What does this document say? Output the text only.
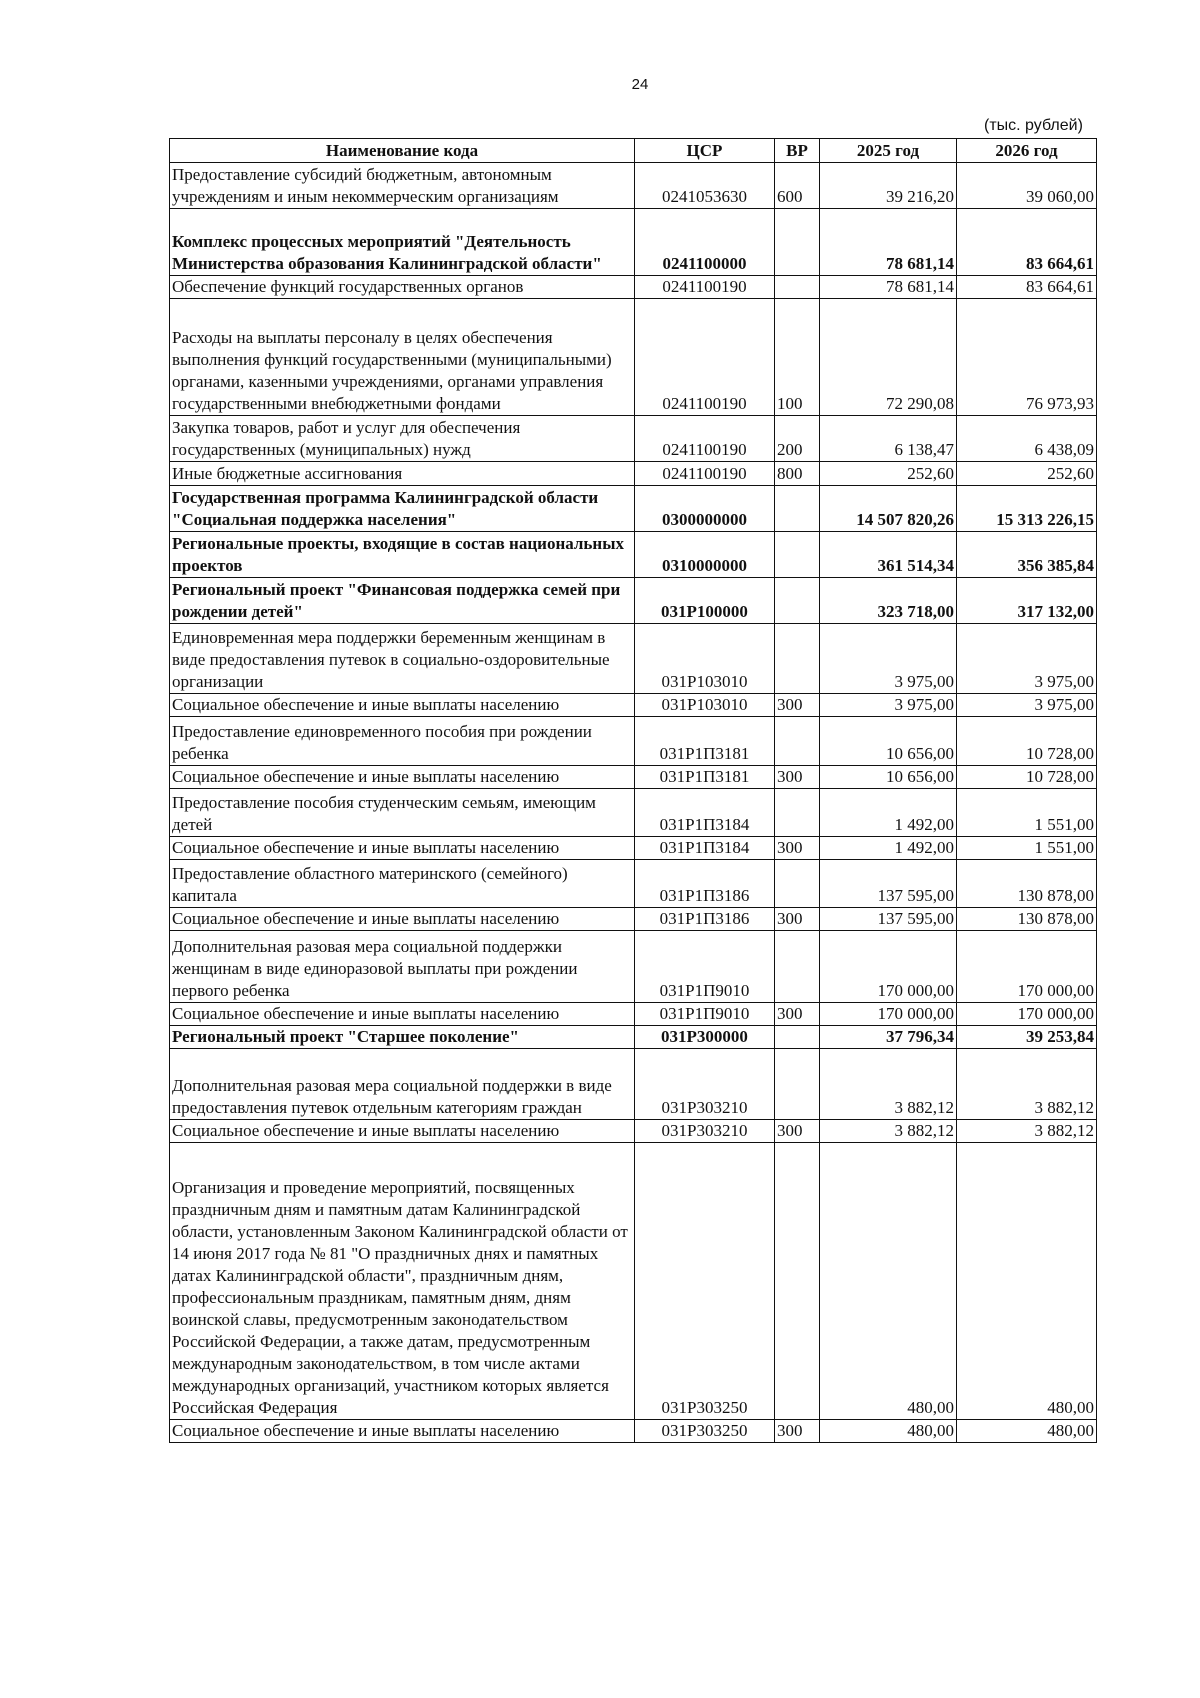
24
(тыс. рублей)
Наименование кода	ЦСР	ВР	2025 год	2026 год
Предоставление субсидий бюджетным, автономным учреждениям и иным некоммерческим организациям	0241053630	600	39 216,20	39 060,00
Комплекс процессных мероприятий "Деятельность Министерства образования Калининградской области"	0241100000		78 681,14	83 664,61
Обеспечение функций государственных органов	0241100190		78 681,14	83 664,61
Расходы на выплаты персоналу в целях обеспечения выполнения функций государственными (муниципальными) органами, казенными учреждениями, органами управления государственными внебюджетными фондами	0241100190	100	72 290,08	76 973,93
Закупка товаров, работ и услуг для обеспечения государственных (муниципальных) нужд	0241100190	200	6 138,47	6 438,09
Иные бюджетные ассигнования	0241100190	800	252,60	252,60
Государственная программа Калининградской области "Социальная поддержка населения"	0300000000		14 507 820,26	15 313 226,15
Региональные проекты, входящие в состав национальных проектов	0310000000		361 514,34	356 385,84
Региональный проект "Финансовая поддержка семей при рождении детей"	031P100000		323 718,00	317 132,00
Единовременная мера поддержки беременным женщинам в виде предоставления путевок в социально-оздоровительные организации	031P103010		3 975,00	3 975,00
Социальное обеспечение и иные выплаты населению	031P103010	300	3 975,00	3 975,00
Предоставление единовременного пособия при рождении ребенка	031P1П3181		10 656,00	10 728,00
Социальное обеспечение и иные выплаты населению	031P1П3181	300	10 656,00	10 728,00
Предоставление пособия студенческим семьям, имеющим детей	031P1П3184		1 492,00	1 551,00
Социальное обеспечение и иные выплаты населению	031P1П3184	300	1 492,00	1 551,00
Предоставление областного материнского (семейного) капитала	031P1П3186		137 595,00	130 878,00
Социальное обеспечение и иные выплаты населению	031P1П3186	300	137 595,00	130 878,00
Дополнительная разовая мера социальной поддержки женщинам в виде единоразовой выплаты при рождении первого ребенка	031P1П9010		170 000,00	170 000,00
Социальное обеспечение и иные выплаты населению	031P1П9010	300	170 000,00	170 000,00
Региональный проект "Старшее поколение"	031P300000		37 796,34	39 253,84
Дополнительная разовая мера социальной поддержки в виде предоставления путевок отдельным категориям граждан	031P303210		3 882,12	3 882,12
Социальное обеспечение и иные выплаты населению	031P303210	300	3 882,12	3 882,12
Организация и проведение мероприятий, посвященных праздничным дням и памятным датам Калининградской области, установленным Законом Калининградской области от 14 июня 2017 года № 81 "О праздничных днях и памятных датах Калининградской области", праздничным дням, профессиональным праздникам, памятным дням, дням воинской славы, предусмотренным законодательством Российской Федерации, а также датам, предусмотренным международным законодательством, в том числе актами международных организаций, участником которых является Российская Федерация	031P303250		480,00	480,00
Социальное обеспечение и иные выплаты населению	031P303250	300	480,00	480,00
